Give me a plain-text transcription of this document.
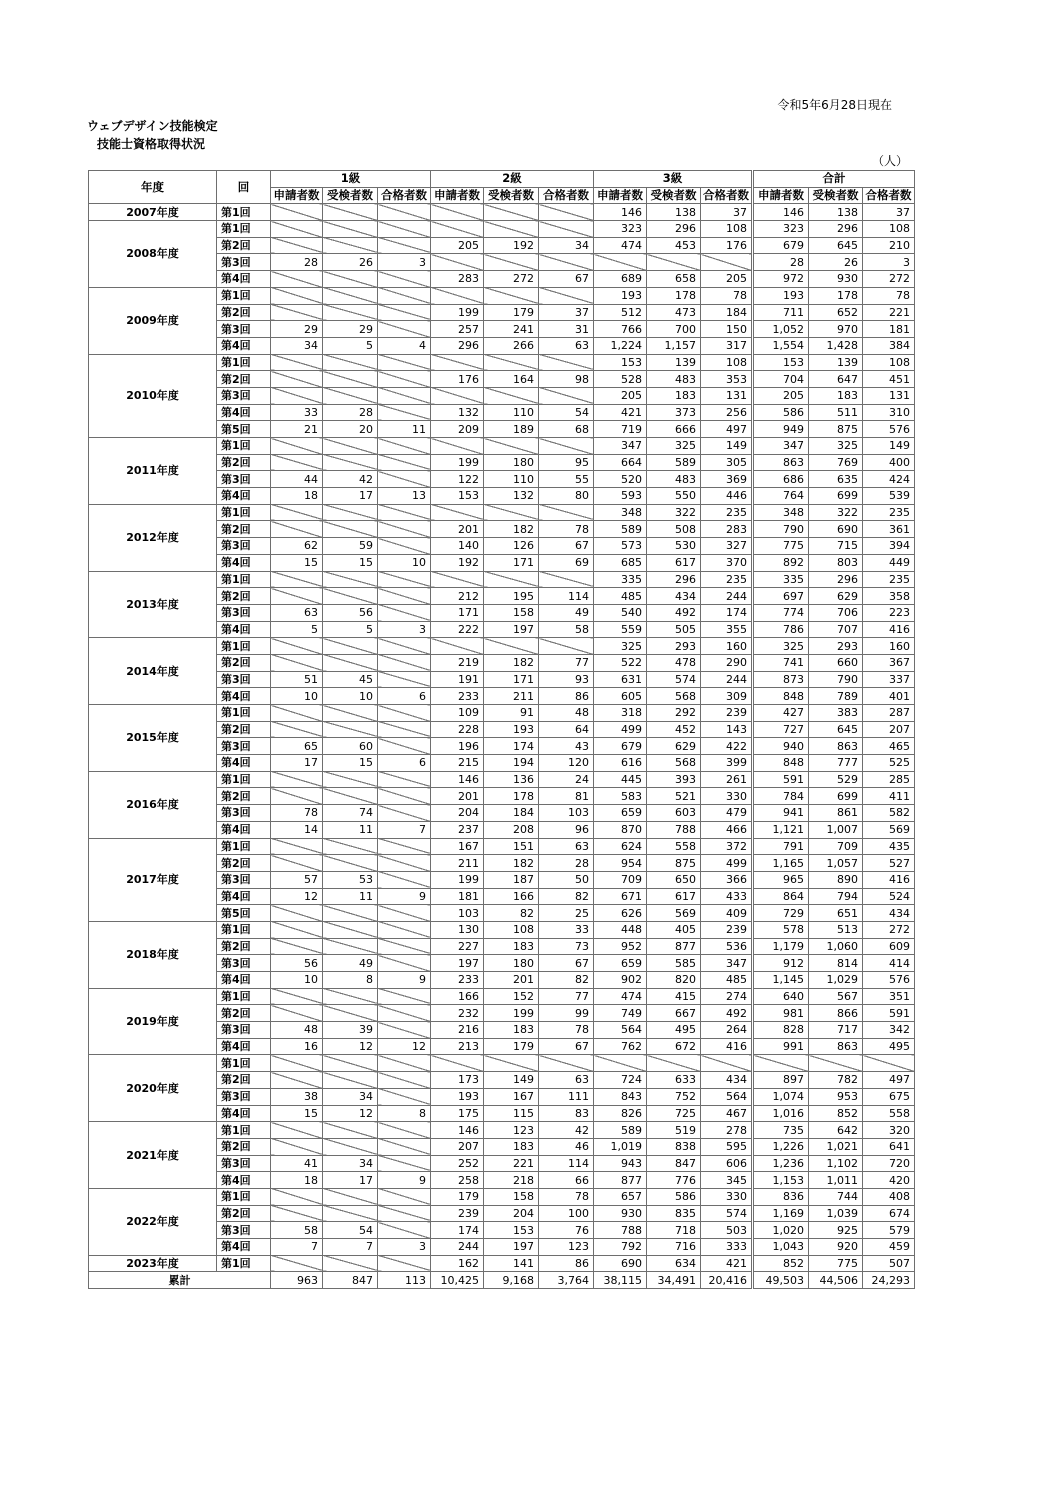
令和5年6月28日現在
ウェブデザイン技能検定
技能士資格取得状況
（人）
年度	回	1級			2級			3級			合計		
		申請者数	受検者数	合格者数	申請者数	受検者数	合格者数	申請者数	受検者数	合格者数	申請者数	受検者数	合格者数
2007年度	第1回							146	138	37	146	138	37
2008年度	第1回							323	296	108	323	296	108
	第2回				205	192	34	474	453	176	679	645	210
	第3回	28	26	3							28	26	3
	第4回				283	272	67	689	658	205	972	930	272
2009年度	第1回							193	178	78	193	178	78
	第2回				199	179	37	512	473	184	711	652	221
	第3回	29	29		257	241	31	766	700	150	1,052	970	181
	第4回	34	5	4	296	266	63	1,224	1,157	317	1,554	1,428	384
2010年度	第1回							153	139	108	153	139	108
	第2回				176	164	98	528	483	353	704	647	451
	第3回							205	183	131	205	183	131
	第4回	33	28		132	110	54	421	373	256	586	511	310
	第5回	21	20	11	209	189	68	719	666	497	949	875	576
2011年度	第1回							347	325	149	347	325	149
	第2回				199	180	95	664	589	305	863	769	400
	第3回	44	42		122	110	55	520	483	369	686	635	424
	第4回	18	17	13	153	132	80	593	550	446	764	699	539
2012年度	第1回							348	322	235	348	322	235
	第2回				201	182	78	589	508	283	790	690	361
	第3回	62	59		140	126	67	573	530	327	775	715	394
	第4回	15	15	10	192	171	69	685	617	370	892	803	449
2013年度	第1回							335	296	235	335	296	235
	第2回				212	195	114	485	434	244	697	629	358
	第3回	63	56		171	158	49	540	492	174	774	706	223
	第4回	5	5	3	222	197	58	559	505	355	786	707	416
2014年度	第1回							325	293	160	325	293	160
	第2回				219	182	77	522	478	290	741	660	367
	第3回	51	45		191	171	93	631	574	244	873	790	337
	第4回	10	10	6	233	211	86	605	568	309	848	789	401
2015年度	第1回				109	91	48	318	292	239	427	383	287
	第2回				228	193	64	499	452	143	727	645	207
	第3回	65	60		196	174	43	679	629	422	940	863	465
	第4回	17	15	6	215	194	120	616	568	399	848	777	525
2016年度	第1回				146	136	24	445	393	261	591	529	285
	第2回				201	178	81	583	521	330	784	699	411
	第3回	78	74		204	184	103	659	603	479	941	861	582
	第4回	14	11	7	237	208	96	870	788	466	1,121	1,007	569
2017年度	第1回				167	151	63	624	558	372	791	709	435
	第2回				211	182	28	954	875	499	1,165	1,057	527
	第3回	57	53		199	187	50	709	650	366	965	890	416
	第4回	12	11	9	181	166	82	671	617	433	864	794	524
	第5回				103	82	25	626	569	409	729	651	434
2018年度	第1回				130	108	33	448	405	239	578	513	272
	第2回				227	183	73	952	877	536	1,179	1,060	609
	第3回	56	49		197	180	67	659	585	347	912	814	414
	第4回	10	8	9	233	201	82	902	820	485	1,145	1,029	576
2019年度	第1回				166	152	77	474	415	274	640	567	351
	第2回				232	199	99	749	667	492	981	866	591
	第3回	48	39		216	183	78	564	495	264	828	717	342
	第4回	16	12	12	213	179	67	762	672	416	991	863	495
2020年度	第1回												
	第2回				173	149	63	724	633	434	897	782	497
	第3回	38	34		193	167	111	843	752	564	1,074	953	675
	第4回	15	12	8	175	115	83	826	725	467	1,016	852	558
2021年度	第1回				146	123	42	589	519	278	735	642	320
	第2回				207	183	46	1,019	838	595	1,226	1,021	641
	第3回	41	34		252	221	114	943	847	606	1,236	1,102	720
	第4回	18	17	9	258	218	66	877	776	345	1,153	1,011	420
2022年度	第1回				179	158	78	657	586	330	836	744	408
	第2回				239	204	100	930	835	574	1,169	1,039	674
	第3回	58	54		174	153	76	788	718	503	1,020	925	579
	第4回	7	7	3	244	197	123	792	716	333	1,043	920	459
2023年度	第1回				162	141	86	690	634	421	852	775	507
累計		963	847	113	10,425	9,168	3,764	38,115	34,491	20,416	49,503	44,506	24,293
